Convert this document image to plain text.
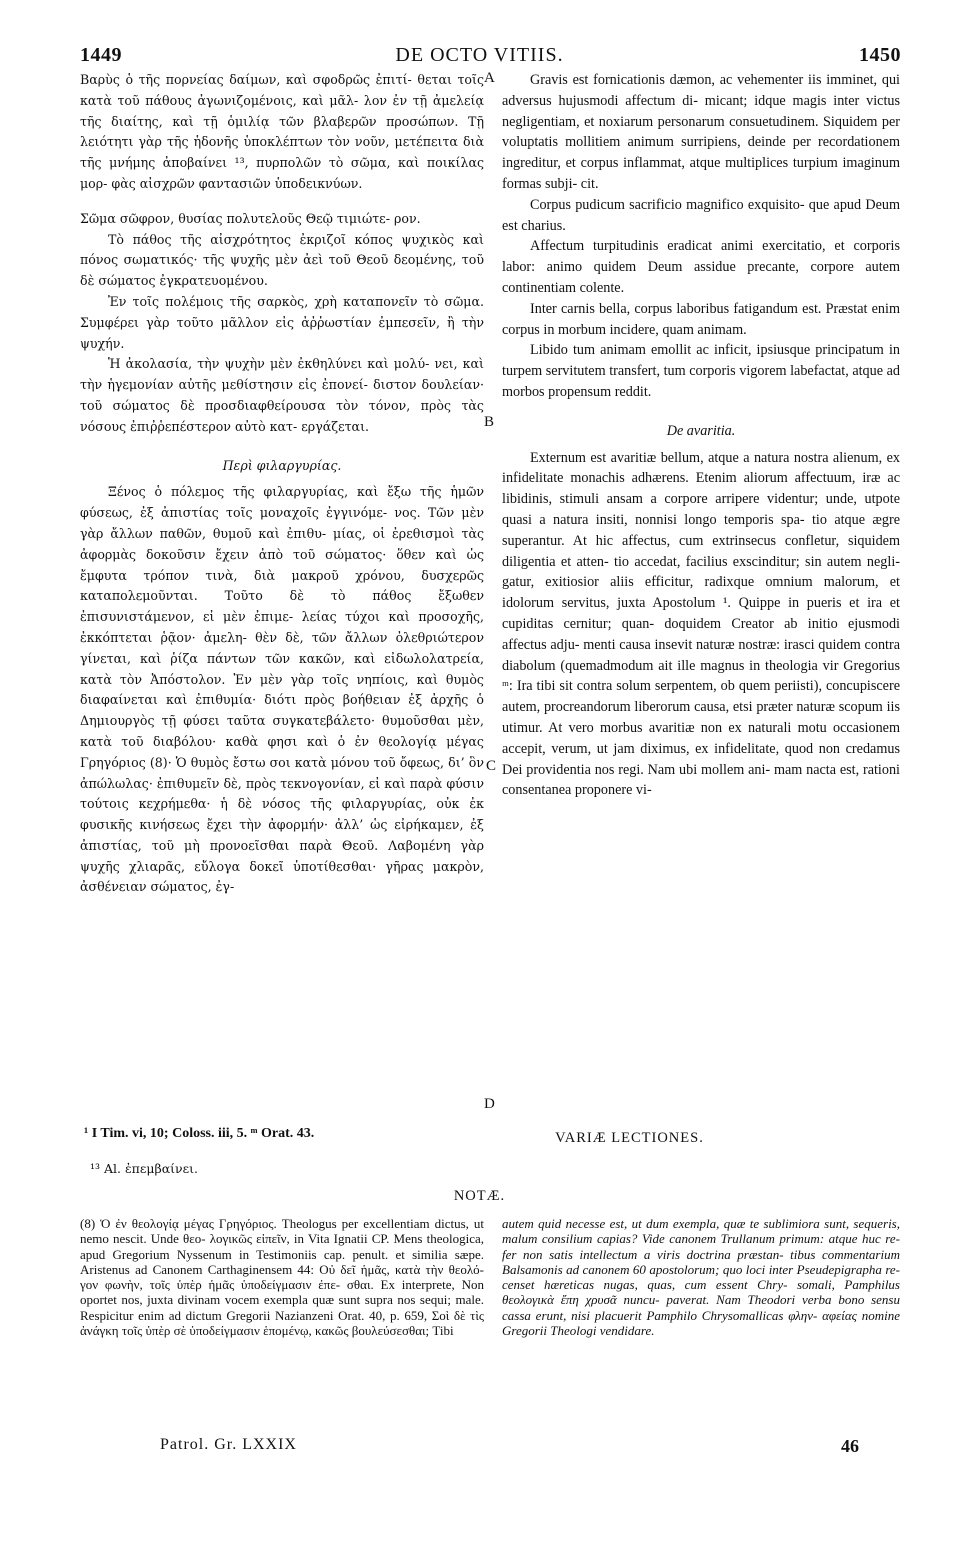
1449	DE OCTO VITIIS.	1450

Βαρὺς ὁ τῆς πορνείας δαίμων, καὶ σφοδρῶς ἐπιτί- θεται τοῖς κατὰ τοῦ πάθους ἀγωνιζομένοις, καὶ μᾶλ- λον ἐν τῇ ἀμελείᾳ τῆς διαίτης, καὶ τῇ ὁμιλίᾳ τῶν βλαβερῶν προσώπων. Τῇ λειότητι γὰρ τῆς ἡδονῆς ὑποκλέπτων τὸν νοῦν, μετέπειτα διὰ τῆς μνήμης ἀποβαίνει ¹³, πυρπολῶν τὸ σῶμα, καὶ ποικίλας μορ- φὰς αἰσχρῶν φαντασιῶν ὑποδεικνύων.

Σῶμα σῶφρον, θυσίας πολυτελοῦς Θεῷ τιμιώτε- ρον.

Τὸ πάθος τῆς αἰσχρότητος ἐκριζοῖ κόπος ψυχικὸς καὶ πόνος σωματικός· τῆς ψυχῆς μὲν ἀεὶ τοῦ Θεοῦ δεομένης, τοῦ δὲ σώματος ἐγκρατευομένου.

Ἐν τοῖς πολέμοις τῆς σαρκὸς, χρὴ καταπονεῖν τὸ σῶμα. Συμφέρει γὰρ τοῦτο μᾶλλον εἰς ἀῤῥωστίαν ἐμπεσεῖν, ἢ τὴν ψυχήν.

Ἡ ἀκολασία, τὴν ψυχὴν μὲν ἐκθηλύνει καὶ μολύ- νει, καὶ τὴν ἡγεμονίαν αὐτῆς μεθίστησιν εἰς ἐπονεί- διστον δουλείαν· τοῦ σώματος δὲ προσδιαφθείρουσα τὸν τόνον, πρὸς τὰς νόσους ἐπιῤῥεπέστερον αὐτὸ κατ- εργάζεται.

Περὶ φιλαργυρίας.

Ξένος ὁ πόλεμος τῆς φιλαργυρίας, καὶ ἔξω τῆς ἡμῶν φύσεως, ἐξ ἀπιστίας τοῖς μοναχοῖς ἐγγινόμε- νος. Τῶν μὲν γὰρ ἄλλων παθῶν, θυμοῦ καὶ ἐπιθυ- μίας, οἱ ἐρεθισμοὶ τὰς ἀφορμὰς δοκοῦσιν ἔχειν ἀπὸ τοῦ σώματος· ὅθεν καὶ ὡς ἔμφυτα τρόπον τινὰ, διὰ μακροῦ χρόνου, δυσχερῶς καταπολεμοῦνται. Τοῦτο δὲ τὸ πάθος ἔξωθεν ἐπισυνιστάμενον, εἰ μὲν ἐπιμε- λείας τύχοι καὶ προσοχῆς, ἐκκόπτεται ῥᾷον· ἀμελη- θὲν δὲ, τῶν ἄλλων ὀλεθριώτερον γίνεται, καὶ ῥίζα πάντων τῶν κακῶν, καὶ εἰδωλολατρεία, κατὰ τὸν Ἀπόστολον. Ἐν μὲν γὰρ τοῖς νηπίοις, καὶ θυμὸς διαφαίνεται καὶ ἐπιθυμία· διότι πρὸς βοήθειαν ἐξ ἀρχῆς ὁ Δημιουργὸς τῇ φύσει ταῦτα συγκατεβάλετο· θυμοῦσθαι μὲν, κατὰ τοῦ διαβόλου· καθὰ φησι καὶ ὁ ἐν θεολογίᾳ μέγας Γρηγόριος (8)· Ὁ θυμὸς ἔστω σοι κατὰ μόνου τοῦ ὄφεως, δι’ ὃν ἀπώλωλας· ἐπιθυμεῖν δὲ, πρὸς τεκνογονίαν, εἰ καὶ παρὰ φύσιν τούτοις κεχρήμεθα· ἡ δὲ νόσος τῆς φιλαργυρίας, οὐκ ἐκ φυσικῆς κινήσεως ἔχει τὴν ἀφορμήν· ἀλλ’ ὡς εἰρήκαμεν, ἐξ ἀπιστίας, τοῦ μὴ προνοεῖσθαι παρὰ Θεοῦ. Λαβομένη γὰρ ψυχῆς χλιαρᾶς, εὔλογα δοκεῖ ὑποτίθεσθαι· γῆρας μακρὸν, ἀσθένειαν σώματος, ἐγ-

A
B
C
D

Gravis est fornicationis dæmon, ac vehementer iis imminet, qui adversus hujusmodi affectum di- micant; idque magis inter victus negligentiam, et noxiarum personarum consuetudinem. Siquidem per voluptatis mollitiem animum surripiens, deinde per recordationem ingreditur, et corpus inflammat, atque multiplices turpium imaginum formas subji- cit.

Corpus pudicum sacrificio magnifico exquisito- que apud Deum est charius.

Affectum turpitudinis eradicat animi exercitatio, et corporis labor: animo quidem Deum assidue precante, corpore autem continentiam colente.

Inter carnis bella, corpus laboribus fatigandum est. Præstat enim corpus in morbum incidere, quam animam.

Libido tum animam emollit ac inficit, ipsiusque principatum in turpem servitutem transfert, tum corporis vigorem labefactat, atque ad morbos propensum reddit.

De avaritia.

Externum est avaritiæ bellum, atque a natura nostra alienum, ex infidelitate monachis adhærens. Etenim aliorum affectuum, iræ ac libidinis, stimuli ansam a corpore arripere videntur; unde, utpote quasi a natura insiti, nonnisi longo temporis spa- tio atque ægre superantur. At hic affectus, cum extrinsecus confletur, siquidem diligentia et atten- tio accedat, facilius exscinditur; sin autem negli- gatur, exitiosior aliis efficitur, radixque omnium malorum, et idolorum servitus, juxta Apostolum ¹. Quippe in pueris et ira et cupiditas cernitur; quan- doquidem Creator ab initio ejusmodi affectus adju- menti causa insevit naturæ nostræ: irasci quidem contra diabolum (quemadmodum ait ille magnus in theologia vir Gregorius ᵐ: Ira tibi sit contra solum serpentem, ob quem periisti), concupiscere autem, procreandorum liberorum causa, etsi præter naturæ scopum iis utimur. At vero morbus avaritiæ non ex naturali motu occasionem accepit, verum, ut jam diximus, ex infidelitate, quod non credamus Dei providentia nos regi. Nam ubi mollem ani- mam nacta est, rationi consentanea proponere vi-

¹ I Tim. vi, 10; Coloss. iii, 5. ᵐ Orat. 43.	VARIÆ LECTIONES.
¹³ Al. ἐπεμβαίνει.
NOTÆ.

(8) Ὁ ἐν θεολογίᾳ μέγας Γρηγόριος. Theologus per excellentiam dictus, ut nemo nescit. Unde θεο- λογικῶς εἰπεῖν, in Vita Ignatii CP. Mens theologica, apud Gregorium Nyssenum in Testimoniis cap. penult. et similia sæpe. Aristenus ad Canonem Carthaginensem 44: Οὐ δεῖ ἡμᾶς, κατὰ τὴν θεολό- γον φωνὴν, τοῖς ὑπὲρ ἡμᾶς ὑποδείγμασιν ἐπε- σθαι. Ex interprete, Non oportet nos, juxta divinam vocem exempla quæ sunt supra nos sequi; male. Respicitur enim ad dictum Gregorii Nazianzeni Orat. 40, p. 659, Σοὶ δὲ τὶς ἀνάγκη τοῖς ὑπὲρ σὲ ὑποδείγμασιν ἑπομένῳ, κακῶς βουλεύσεσθαι; Tibi

autem quid necesse est, ut dum exempla, quæ te sublimiora sunt, sequeris, malum consilium capias? Vide canonem Trullanum primum: atque huc re- fer non satis intellectum a viris doctrina præstan- tibus commentarium Balsamonis ad canonem 60 apostolorum; quo loci inter Pseudepigrapha re- censet hæreticas nugas, quas, cum essent Chry- somali, Pamphilus θεολογικὰ ἔπη χρυσᾶ nuncu- paverat. Nam Theodori verba bono sensu cassa erunt, nisi placuerit Pamphilo Chrysomallicas φλην- αφείας nomine Gregorii Theologi vendidare.

Patrol. Gr. LXXIX	46
